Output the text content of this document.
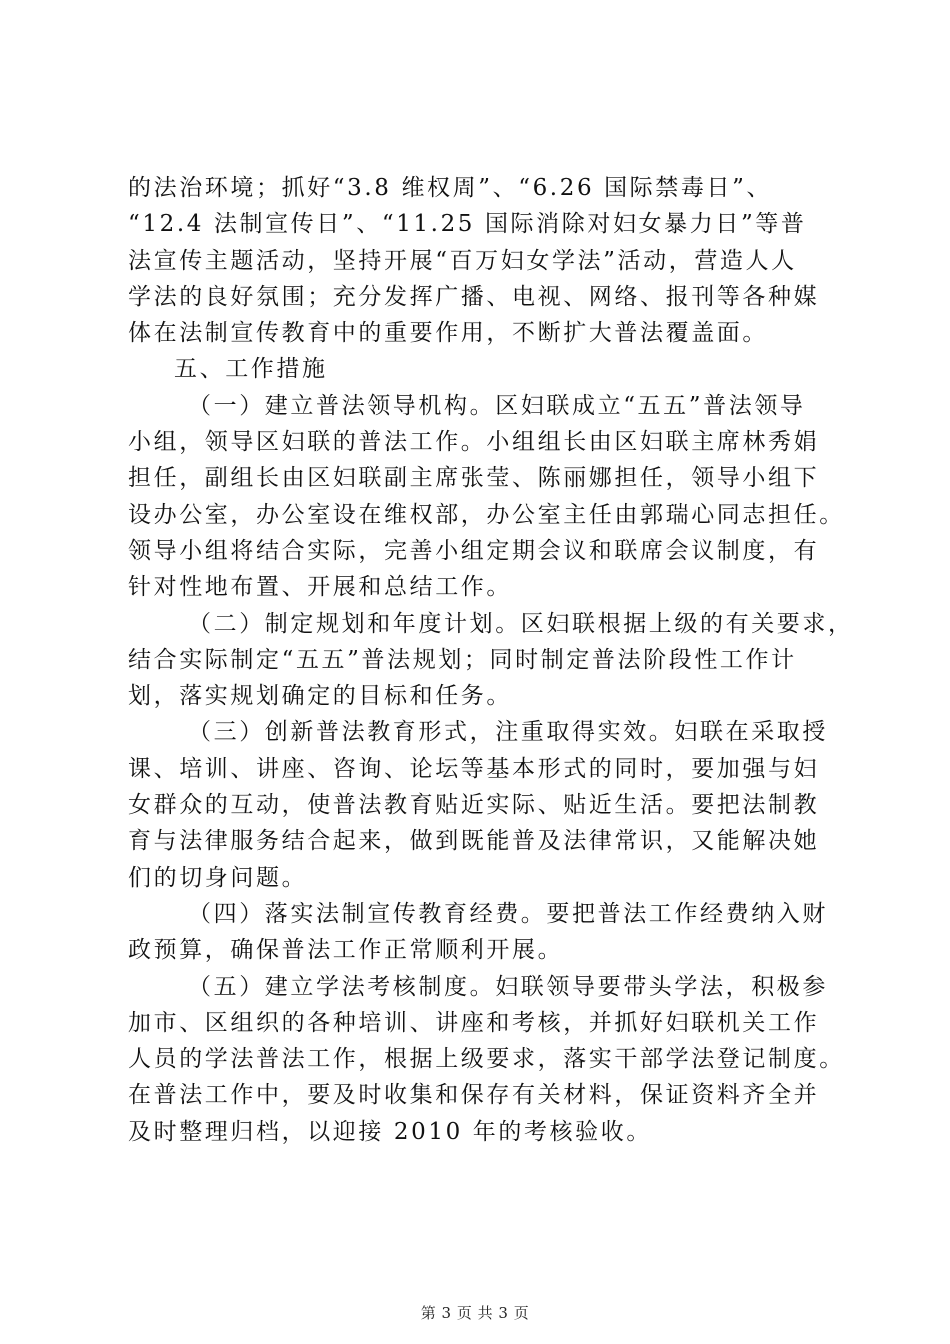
的法治环境；抓好“3.8 维权周”、“6.26 国际禁毒日”、
“12.4 法制宣传日”、“11.25 国际消除对妇女暴力日”等普
法宣传主题活动，坚持开展“百万妇女学法”活动，营造人人
学法的良好氛围；充分发挥广播、电视、网络、报刊等各种媒
体在法制宣传教育中的重要作用，不断扩大普法覆盖面。
五、工作措施
（一）建立普法领导机构。区妇联成立“五五”普法领导
小组，领导区妇联的普法工作。小组组长由区妇联主席林秀娟
担任，副组长由区妇联副主席张莹、陈丽娜担任，领导小组下
设办公室，办公室设在维权部，办公室主任由郭瑞心同志担任。
领导小组将结合实际，完善小组定期会议和联席会议制度，有
针对性地布置、开展和总结工作。
（二）制定规划和年度计划。区妇联根据上级的有关要求，
结合实际制定“五五”普法规划；同时制定普法阶段性工作计
划，落实规划确定的目标和任务。
（三）创新普法教育形式，注重取得实效。妇联在采取授
课、培训、讲座、咨询、论坛等基本形式的同时，要加强与妇
女群众的互动，使普法教育贴近实际、贴近生活。要把法制教
育与法律服务结合起来，做到既能普及法律常识，又能解决她
们的切身问题。
（四）落实法制宣传教育经费。要把普法工作经费纳入财
政预算，确保普法工作正常顺利开展。
（五）建立学法考核制度。妇联领导要带头学法，积极参
加市、区组织的各种培训、讲座和考核，并抓好妇联机关工作
人员的学法普法工作，根据上级要求，落实干部学法登记制度。
在普法工作中，要及时收集和保存有关材料，保证资料齐全并
及时整理归档，以迎接 2010 年的考核验收。
第 3 页 共 3 页
